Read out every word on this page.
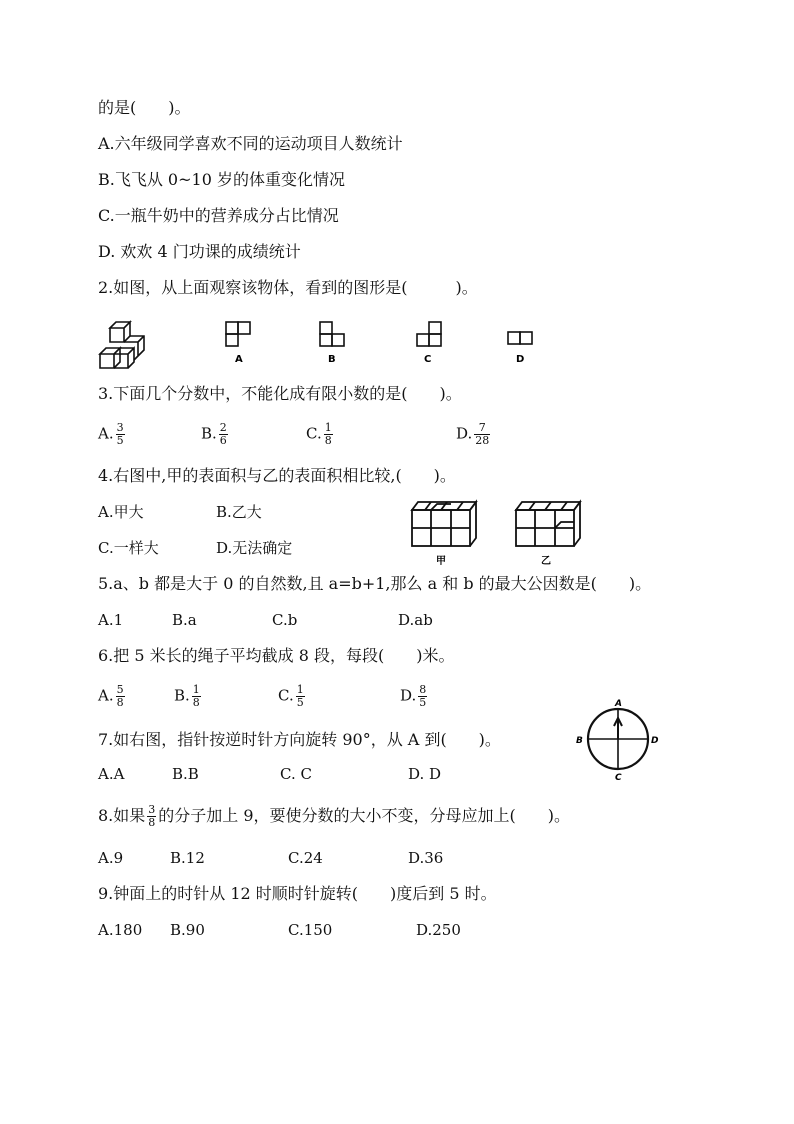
的是(　　)。
A.六年级同学喜欢不同的运动项目人数统计
B.飞飞从 0~10 岁的体重变化情况
C.一瓶牛奶中的营养成分占比情况
D. 欢欢 4 门功课的成绩统计
2.如图，从上面观察该物体，看到的图形是(　　　)。
A	B	C	D
3.下面几个分数中，不能化成有限小数的是(　　)。
A. $\frac{3}{5}$	B. $\frac{2}{6}$	C. $\frac{1}{8}$	D. $\frac{7}{28}$
4.右图中,甲的表面积与乙的表面积相比较,(　　)。
A.甲大	B.乙大
C.一样大	D.无法确定
甲	乙
5.a、b 都是大于 0 的自然数,且 a=b+1,那么 a 和 b 的最大公因数是(　　)。
A.1	B.a	C.b	D.ab
6.把 5 米长的绳子平均截成 8 段，每段(　　)米。
A. $\frac{5}{8}$	B. $\frac{1}{8}$	C. $\frac{1}{5}$	D. $\frac{8}{5}$
7.如右图，指针按逆时针方向旋转 90°，从 A 到(　　)。
A.A	B.B	C. C	D. D
A
B
C
D
8.如果 $\frac{3}{8}$ 的分子加上 9，要使分数的大小不变，分母应加上(　　)。
A.9	B.12	C.24	D.36
9.钟面上的时针从 12 时顺时针旋转(　　)度后到 5 时。
A.180 B.90	C.150	D.250
